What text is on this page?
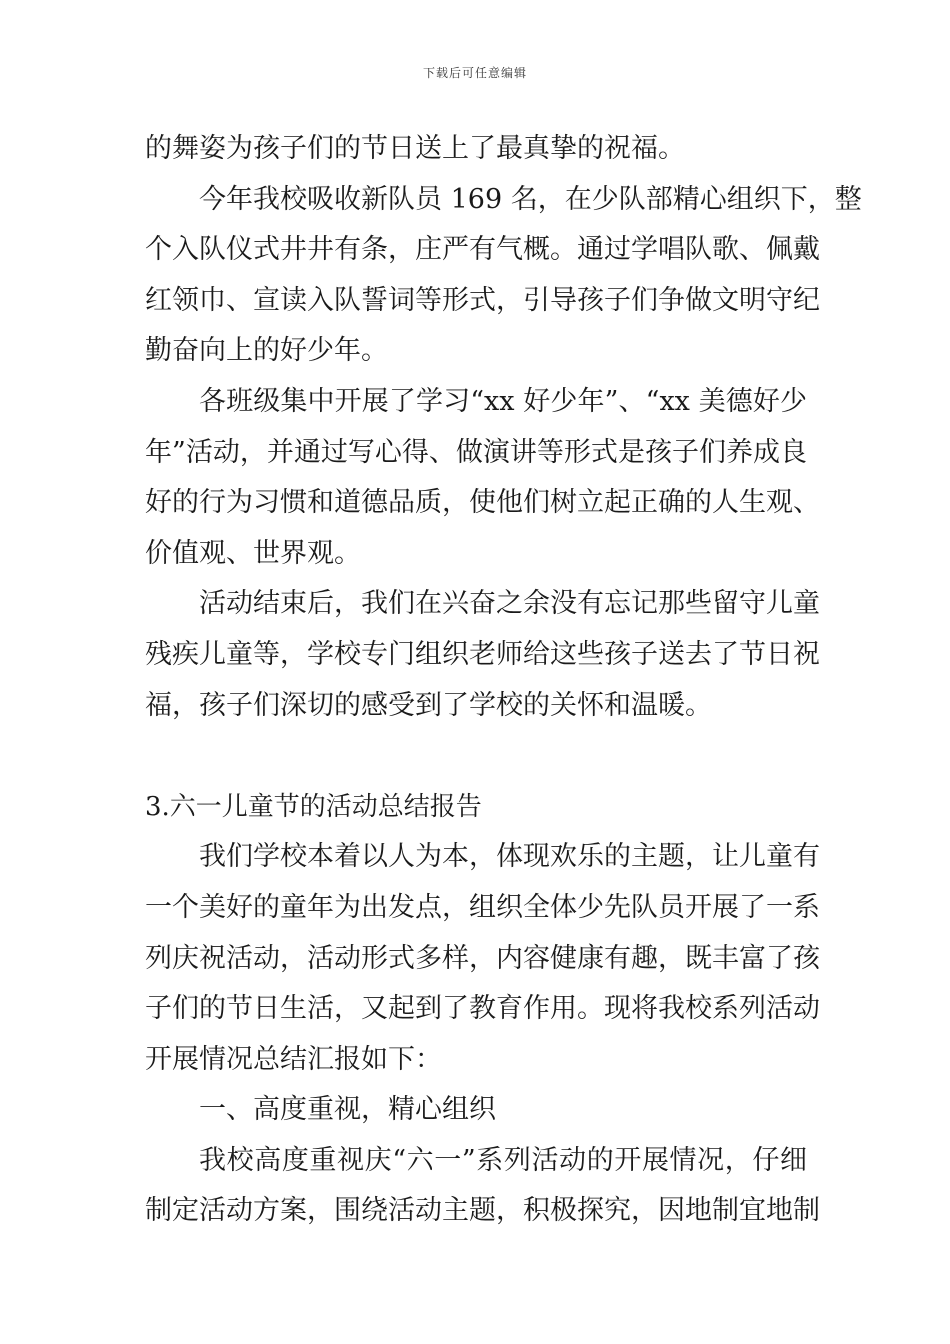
下载后可任意编辑
的舞姿为孩子们的节日送上了最真挚的祝福。
今年我校吸收新队员 169 名，在少队部精心组织下，整
个入队仪式井井有条，庄严有气概。通过学唱队歌、佩戴
红领巾、宣读入队誓词等形式，引导孩子们争做文明守纪
勤奋向上的好少年。
各班级集中开展了学习“xx 好少年”、“xx 美德好少
年”活动，并通过写心得、做演讲等形式是孩子们养成良
好的行为习惯和道德品质，使他们树立起正确的人生观、
价值观、世界观。
活动结束后，我们在兴奋之余没有忘记那些留守儿童
残疾儿童等，学校专门组织老师给这些孩子送去了节日祝
福，孩子们深切的感受到了学校的关怀和温暖。
3.六一儿童节的活动总结报告
我们学校本着以人为本，体现欢乐的主题，让儿童有
一个美好的童年为出发点，组织全体少先队员开展了一系
列庆祝活动，活动形式多样，内容健康有趣，既丰富了孩
子们的节日生活，又起到了教育作用。现将我校系列活动
开展情况总结汇报如下：
一、高度重视，精心组织
我校高度重视庆“六一”系列活动的开展情况，仔细
制定活动方案，围绕活动主题，积极探究，因地制宜地制
